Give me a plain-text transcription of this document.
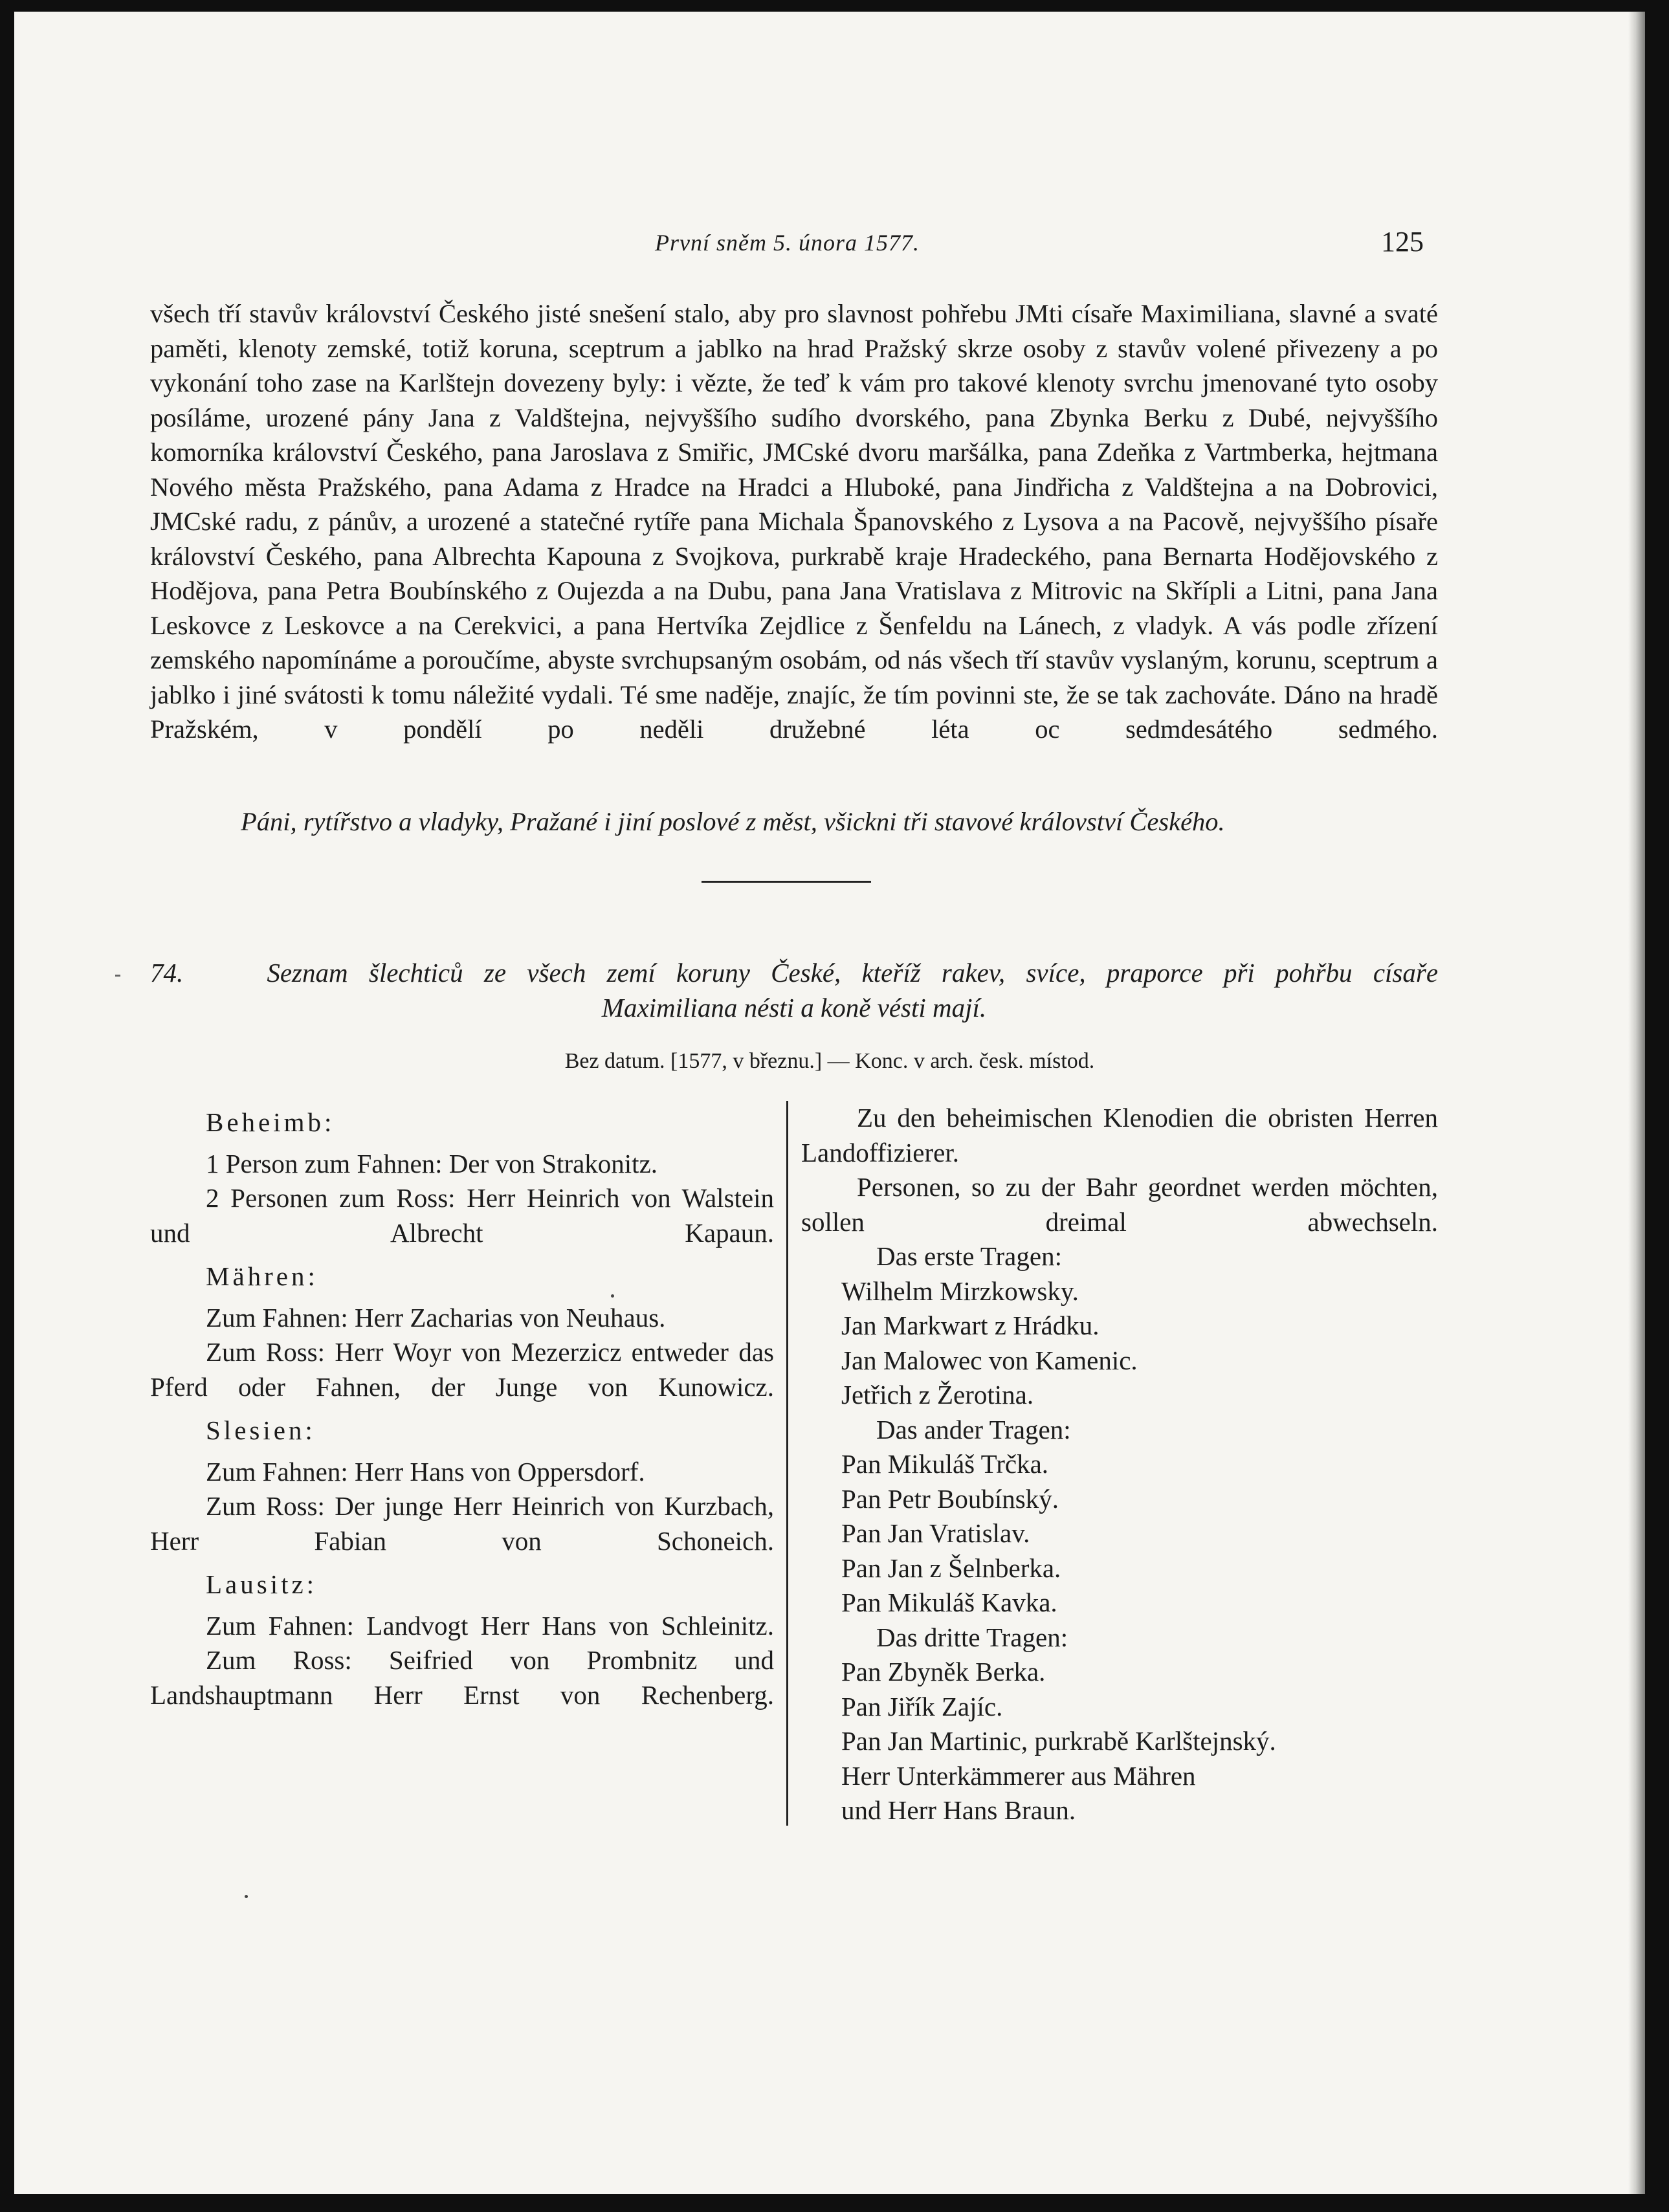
První sněm 5. února 1577.	125

všech tří stavův království Českého jisté snešení stalo, aby pro slavnost pohřebu JMti císaře Maximiliana, slavné a svaté paměti, klenoty zemské, totiž koruna, sceptrum a jablko na hrad Pražský skrze osoby z stavův volené přivezeny a po vykonání toho zase na Karlštejn dovezeny byly: i vězte, že teď k vám pro takové klenoty svrchu jmenované tyto osoby posíláme, urozené pány Jana z Valdštejna, nejvyššího sudího dvorského, pana Zbynka Berku z Dubé, nejvyššího komorníka království Českého, pana Jaroslava z Smiřic, JMCské dvoru maršálka, pana Zdeňka z Vartmberka, hejtmana Nového města Pražského, pana Adama z Hradce na Hradci a Hluboké, pana Jindřicha z Valdštejna a na Dobrovici, JMCské radu, z pánův, a urozené a statečné rytíře pana Michala Španovského z Lysova a na Pacově, nejvyššího písaře království Českého, pana Albrechta Kapouna z Svojkova, purkrabě kraje Hradeckého, pana Bernarta Hodějovského z Hodějova, pana Petra Boubínského z Oujezda a na Dubu, pana Jana Vratislava z Mitrovic na Skřípli a Litni, pana Jana Leskovce z Leskovce a na Cerekvici, a pana Hertvíka Zejdlice z Šenfeldu na Lánech, z vladyk. A vás podle zřízení zemského napomínáme a poroučíme, abyste svrchupsaným osobám, od nás všech tří stavův vyslaným, korunu, sceptrum a jablko i jiné svátosti k tomu náležité vydali. Té sme naděje, znajíc, že tím povinni ste, že se tak zachováte. Dáno na hradě Pražském, v pondělí po neděli družebné léta oc sedmdesátého sedmého.

Páni, rytířstvo a vladyky, Pražané i jiní poslové z měst, všickni tři stavové království Českého.

74.	Seznam šlechticů ze všech zemí koruny České, kteříž rakev, svíce, praporce při pohřbu císaře
Maximiliana nésti a koně vésti mají.

Bez datum. [1577, v březnu.] — Konc. v arch. česk. místod.

Beheimb:

1 Person zum Fahnen: Der von Strakonitz.

2 Personen zum Ross: Herr Heinrich von Walstein und Albrecht Kapaun.

Mähren:

Zum Fahnen: Herr Zacharias von Neuhaus.

Zum Ross: Herr Woyr von Mezerzicz entweder das Pferd oder Fahnen, der Junge von Kunowicz.

Slesien:

Zum Fahnen: Herr Hans von Oppersdorf.

Zum Ross: Der junge Herr Heinrich von Kurzbach, Herr Fabian von Schoneich.

Lausitz:

Zum Fahnen: Landvogt Herr Hans von Schleinitz.

Zum Ross: Seifried von Prombnitz und Landshauptmann Herr Ernst von Rechenberg.

Zu den beheimischen Klenodien die obristen Herren Landoffizierer.

Personen, so zu der Bahr geordnet werden möchten, sollen dreimal abwechseln.

Das erste Tragen:

Wilhelm Mirzkowsky.

Jan Markwart z Hrádku.

Jan Malowec von Kamenic.

Jetřich z Žerotina.

Das ander Tragen:

Pan Mikuláš Trčka.

Pan Petr Boubínský.

Pan Jan Vratislav.

Pan Jan z Šelnberka.

Pan Mikuláš Kavka.

Das dritte Tragen:

Pan Zbyněk Berka.

Pan Jiřík Zajíc.

Pan Jan Martinic, purkrabě Karlštejnský.

Herr Unterkämmerer aus Mähren

und Herr Hans Braun.
